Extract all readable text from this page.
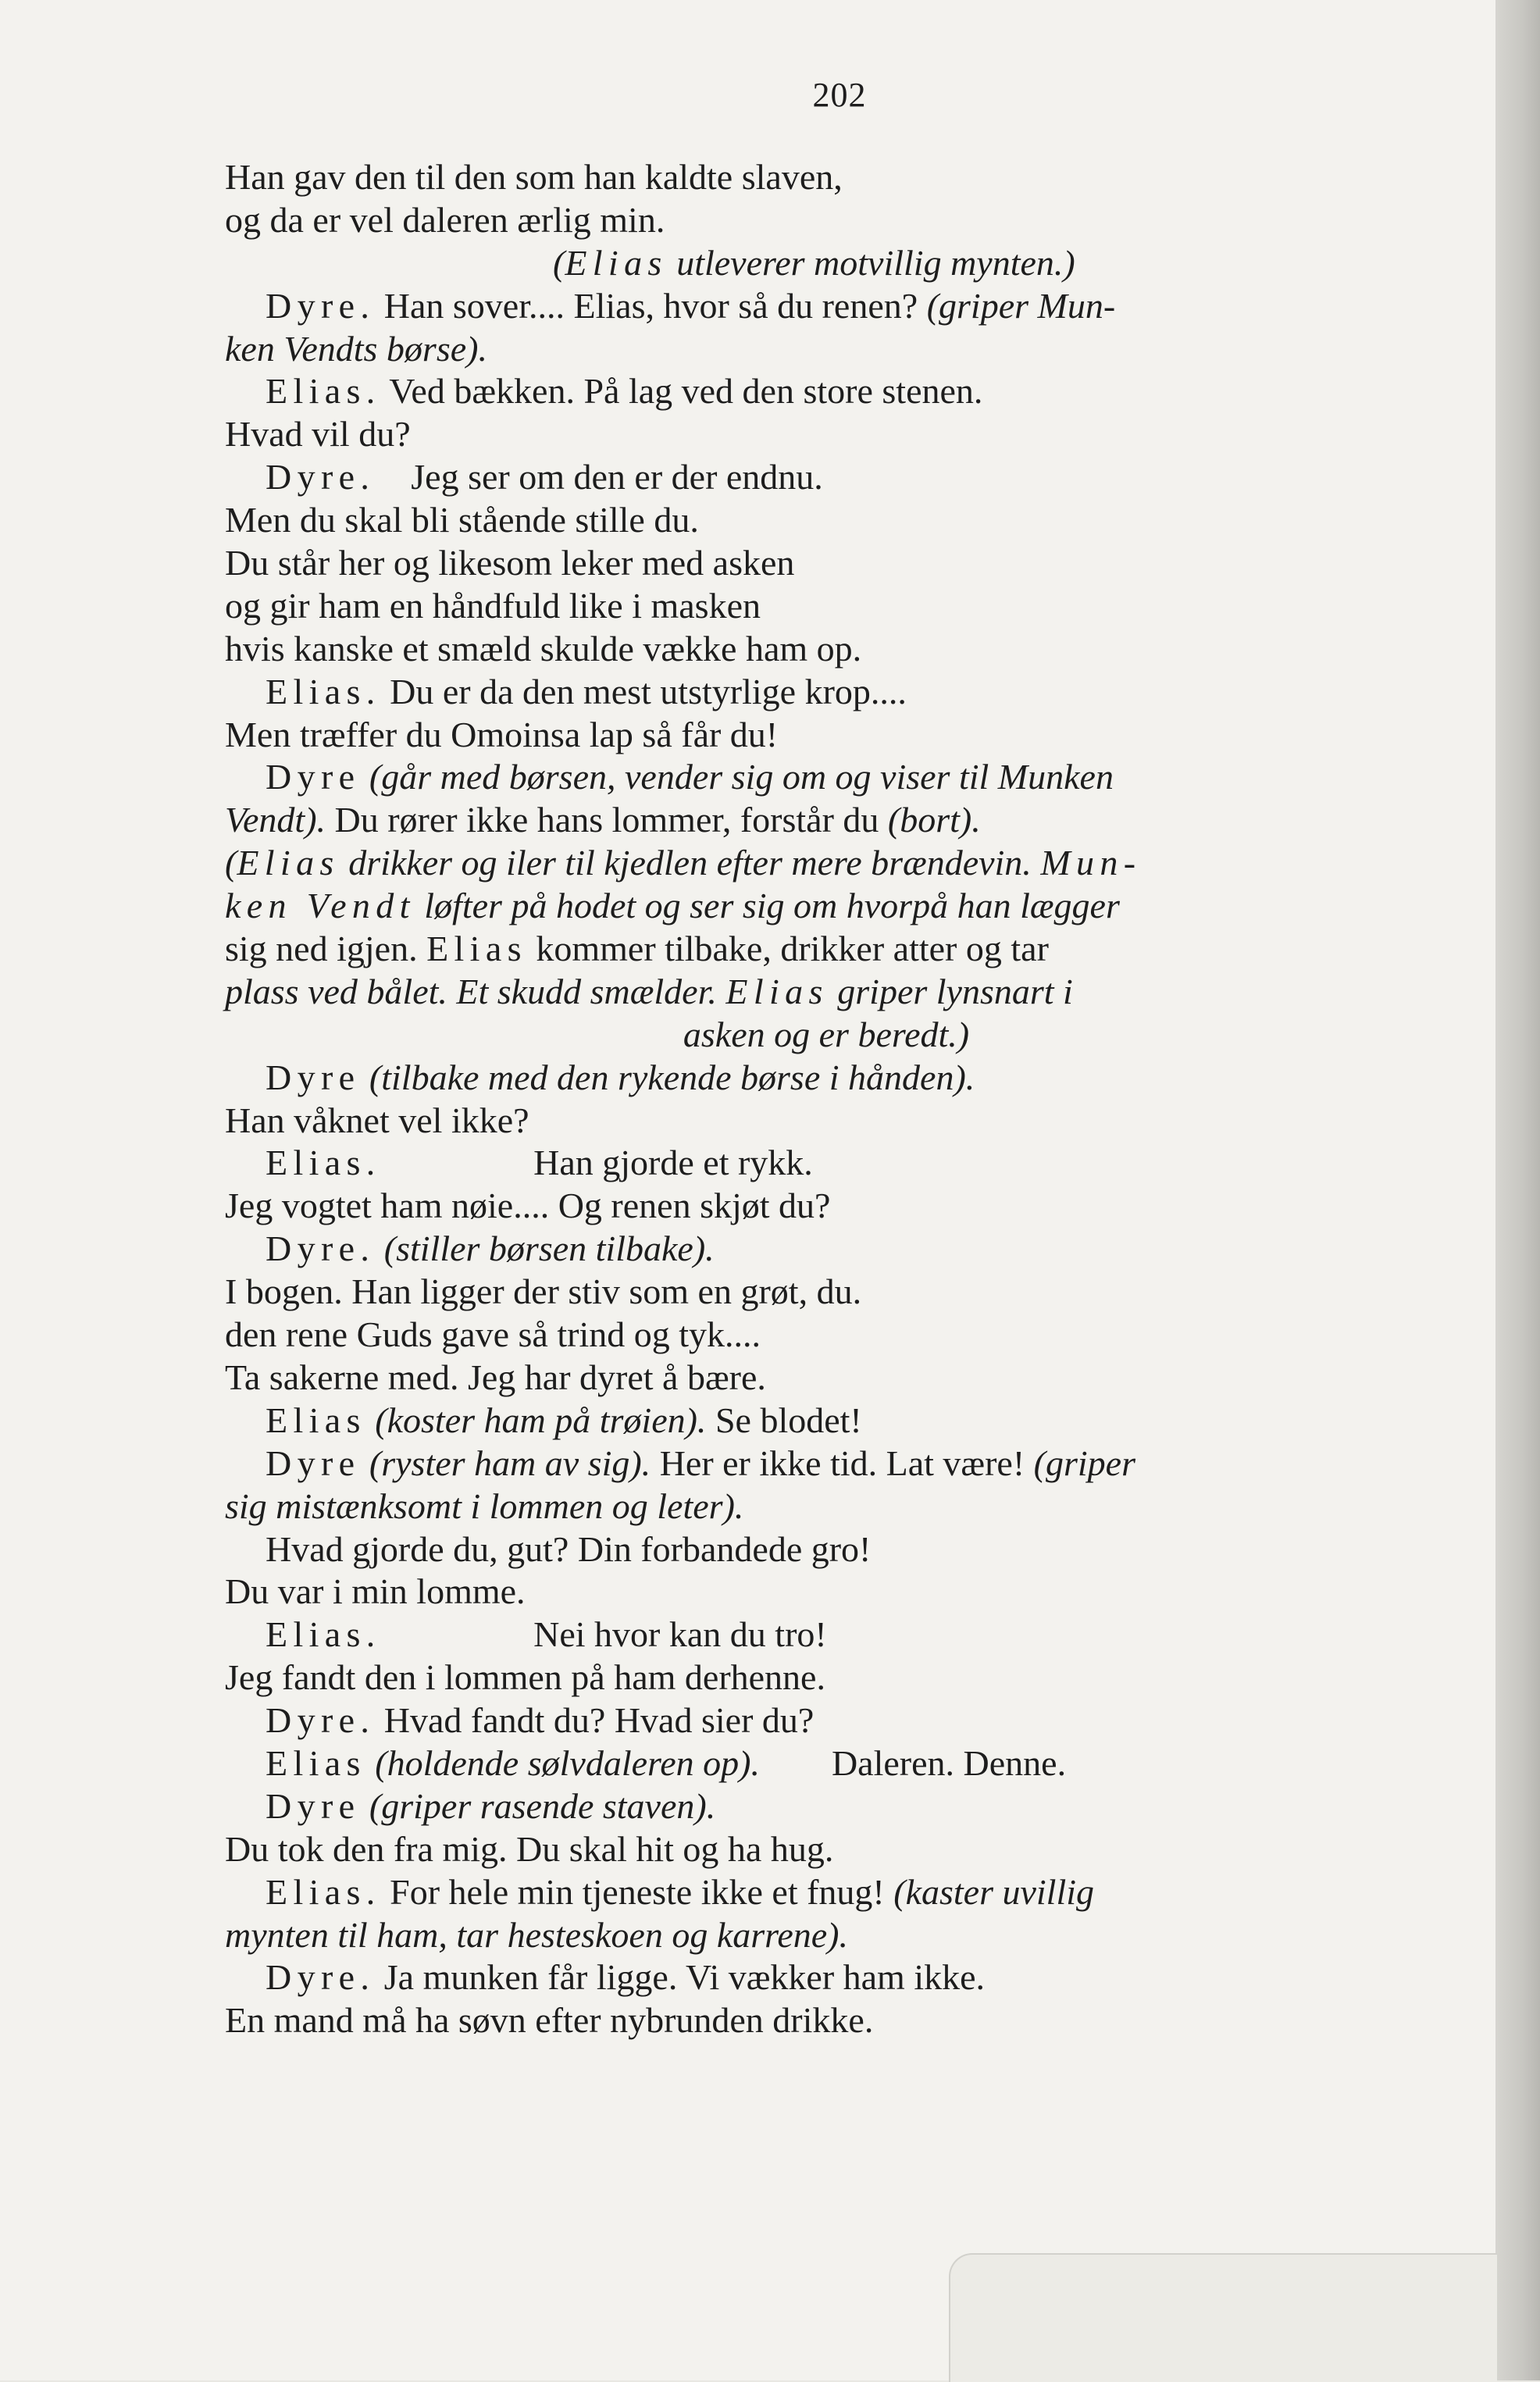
202
Han gav den til den som han kaldte slaven,
og da er vel daleren ærlig min.
(Elias utleverer motvillig mynten.)
Dyre. Han sover.... Elias, hvor så du renen? (griper Mun-
ken Vendts børse).
Elias. Ved bækken. På lag ved den store stenen.
Hvad vil du?
Dyre.    Jeg ser om den er der endnu.
Men du skal bli stående stille du.
Du står her og likesom leker med asken
og gir ham en håndfuld like i masken
hvis kanske et smæld skulde vække ham op.
Elias. Du er da den mest utstyrlige krop....
Men træffer du Omoinsa lap så får du!
Dyre (går med børsen, vender sig om og viser til Munken
Vendt). Du rører ikke hans lommer, forstår du (bort).
(Elias drikker og iler til kjedlen efter mere brændevin. Mun-
ken Vendt løfter på hodet og ser sig om hvorpå han lægger
sig ned igjen. Elias kommer tilbake, drikker atter og tar
plass ved bålet. Et skudd smælder. Elias griper lynsnart i
asken og er beredt.)
Dyre (tilbake med den rykende børse i hånden).
Han våknet vel ikke?
Elias.                 Han gjorde et rykk.
Jeg vogtet ham nøie.... Og renen skjøt du?
Dyre. (stiller børsen tilbake).
I bogen. Han ligger der stiv som en grøt, du.
den rene Guds gave så trind og tyk....
Ta sakerne med. Jeg har dyret å bære.
Elias (koster ham på trøien). Se blodet!
Dyre (ryster ham av sig). Her er ikke tid. Lat være! (griper
sig mistænksomt i lommen og leter).
Hvad gjorde du, gut? Din forbandede gro!
Du var i min lomme.
Elias.                 Nei hvor kan du tro!
Jeg fandt den i lommen på ham derhenne.
Dyre. Hvad fandt du? Hvad sier du?
Elias (holdende sølvdaleren op).        Daleren. Denne.
Dyre (griper rasende staven).
Du tok den fra mig. Du skal hit og ha hug.
Elias. For hele min tjeneste ikke et fnug! (kaster uvillig
mynten til ham, tar hesteskoen og karrene).
Dyre. Ja munken får ligge. Vi vækker ham ikke.
En mand må ha søvn efter nybrunden drikke.
